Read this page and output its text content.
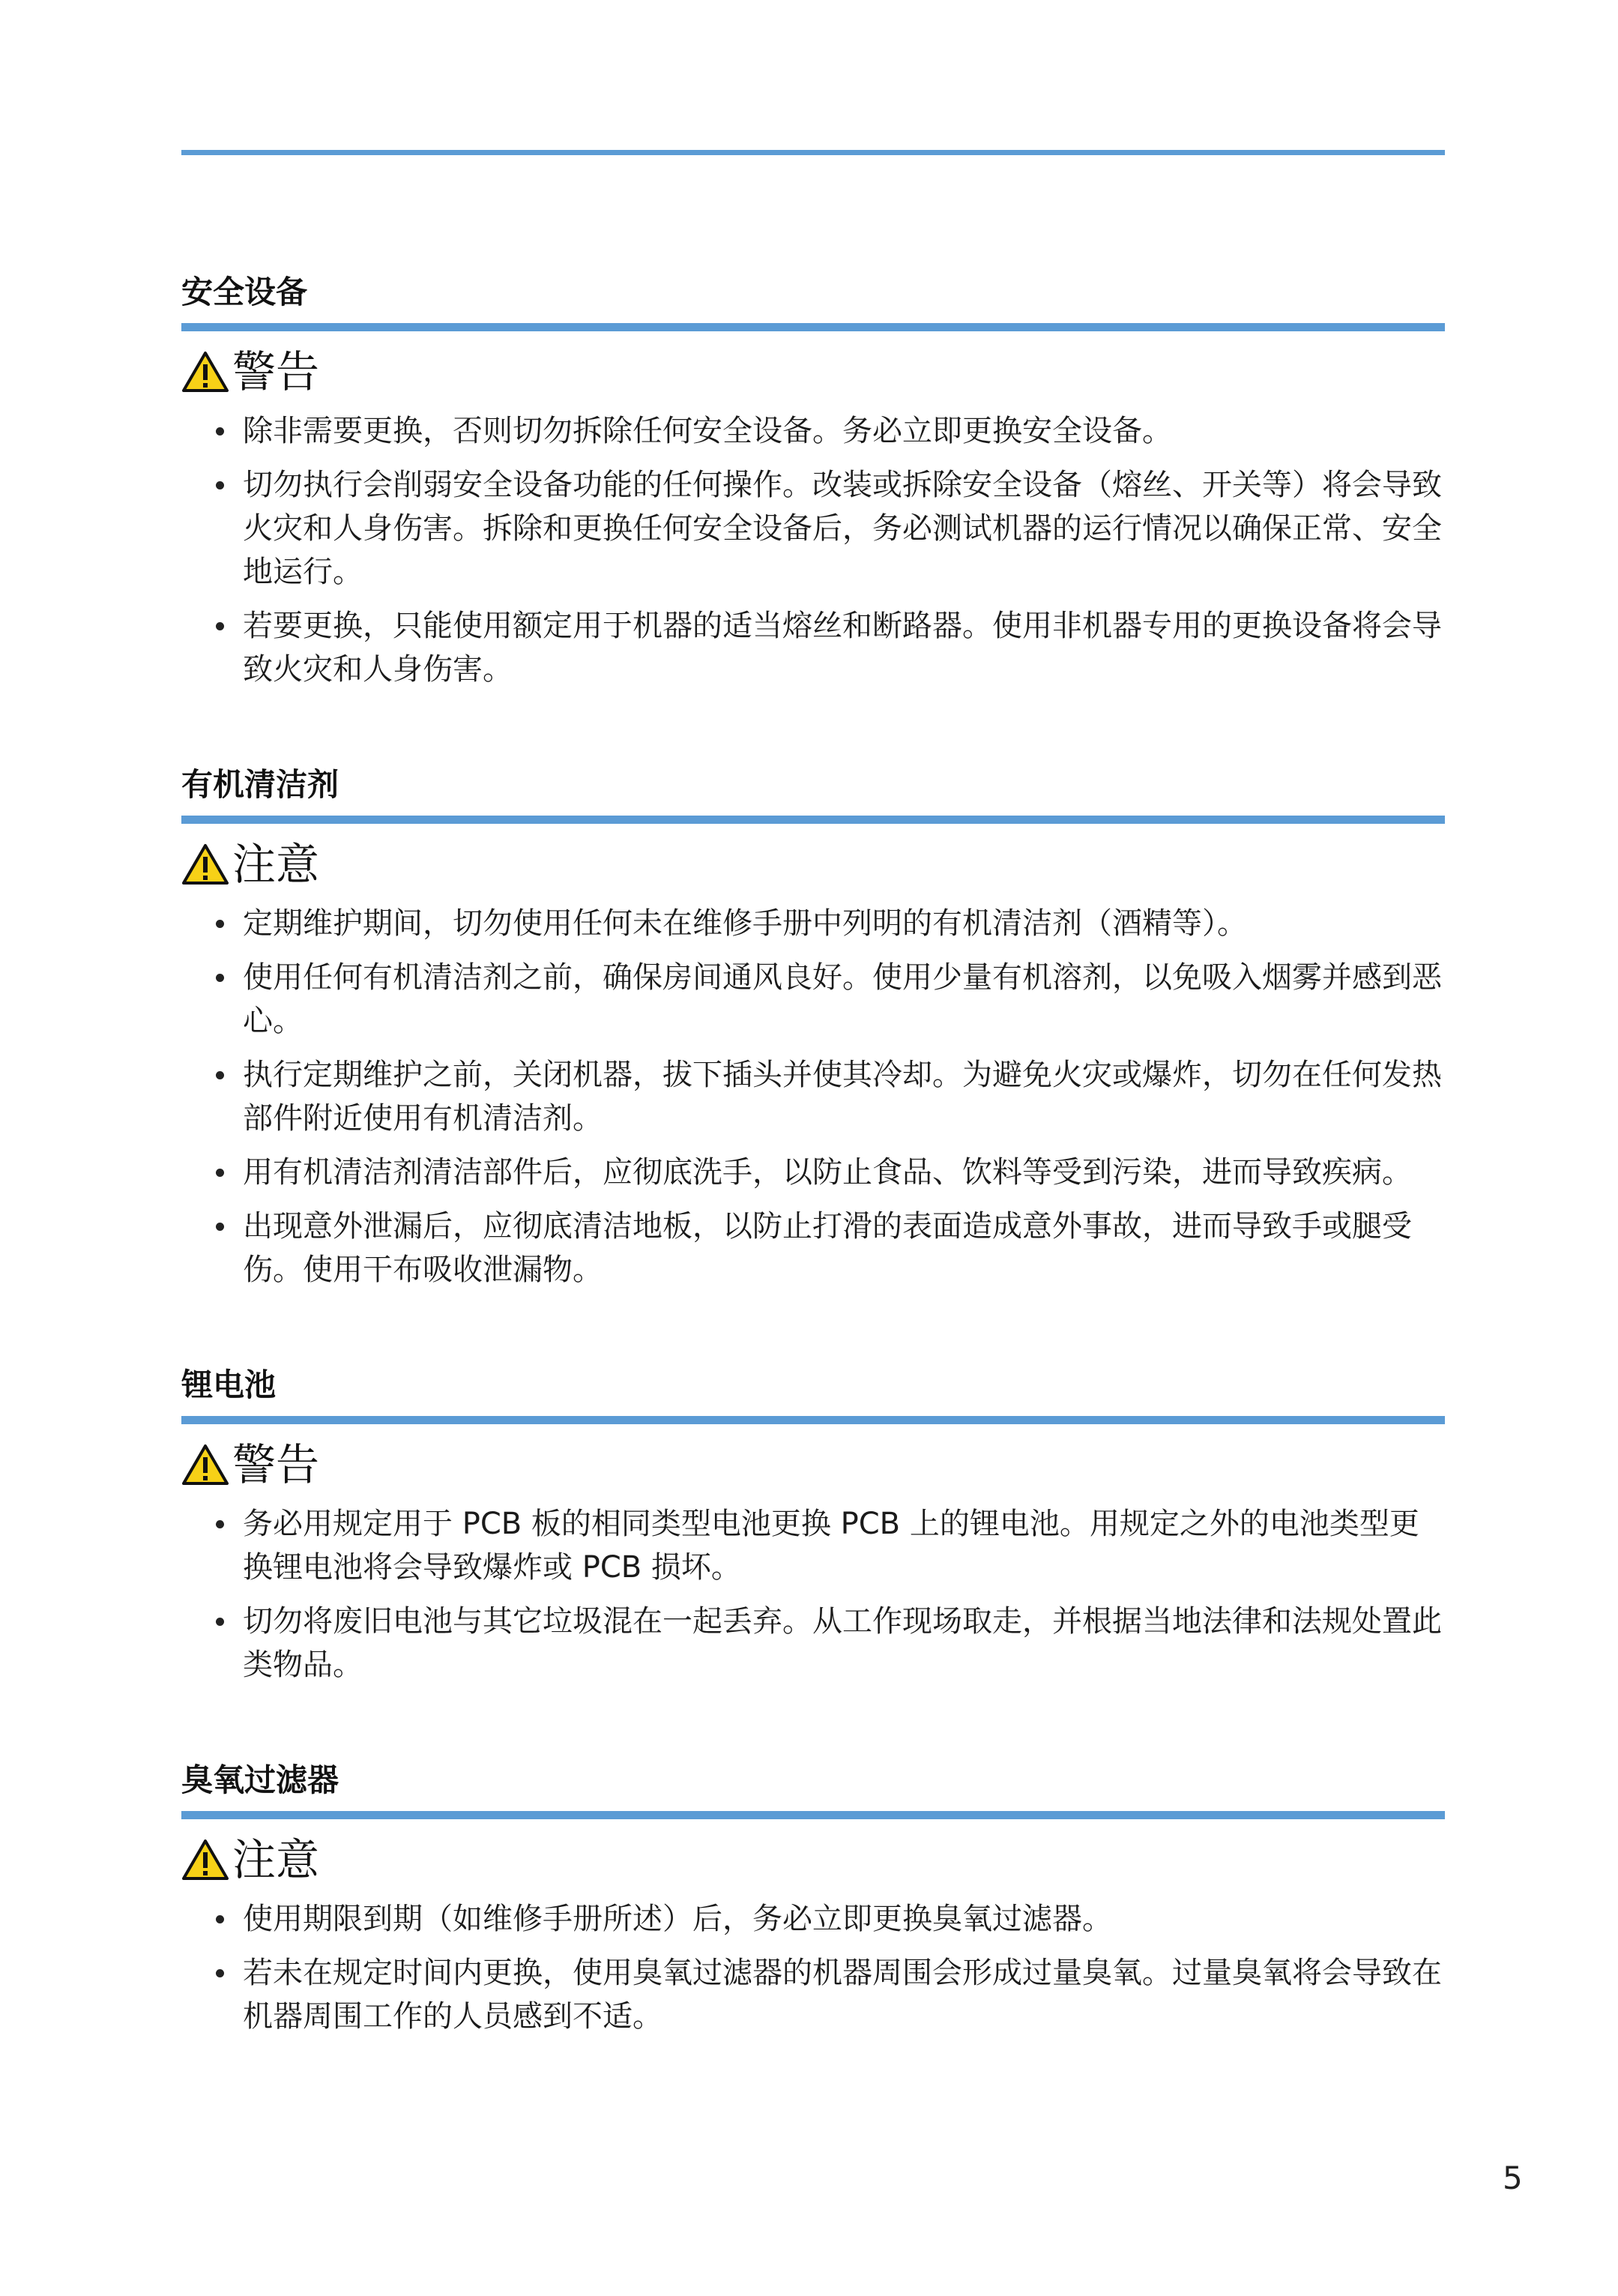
安全设备
警告
除非需要更换，否则切勿拆除任何安全设备。务必立即更换安全设备。
切勿执行会削弱安全设备功能的任何操作。改装或拆除安全设备（熔丝、开关等）将会导致火灾和人身伤害。拆除和更换任何安全设备后，务必测试机器的运行情况以确保正常、安全地运行。
若要更换，只能使用额定用于机器的适当熔丝和断路器。使用非机器专用的更换设备将会导致火灾和人身伤害。
有机清洁剂
注意
定期维护期间，切勿使用任何未在维修手册中列明的有机清洁剂（酒精等）。
使用任何有机清洁剂之前，确保房间通风良好。使用少量有机溶剂，以免吸入烟雾并感到恶心。
执行定期维护之前，关闭机器，拔下插头并使其冷却。为避免火灾或爆炸，切勿在任何发热部件附近使用有机清洁剂。
用有机清洁剂清洁部件后，应彻底洗手，以防止食品、饮料等受到污染，进而导致疾病。
出现意外泄漏后，应彻底清洁地板，以防止打滑的表面造成意外事故，进而导致手或腿受伤。使用干布吸收泄漏物。
锂电池
警告
务必用规定用于 PCB 板的相同类型电池更换 PCB 上的锂电池。用规定之外的电池类型更换锂电池将会导致爆炸或 PCB 损坏。
切勿将废旧电池与其它垃圾混在一起丢弃。从工作现场取走，并根据当地法律和法规处置此类物品。
臭氧过滤器
注意
使用期限到期（如维修手册所述）后，务必立即更换臭氧过滤器。
若未在规定时间内更换，使用臭氧过滤器的机器周围会形成过量臭氧。过量臭氧将会导致在机器周围工作的人员感到不适。
5
